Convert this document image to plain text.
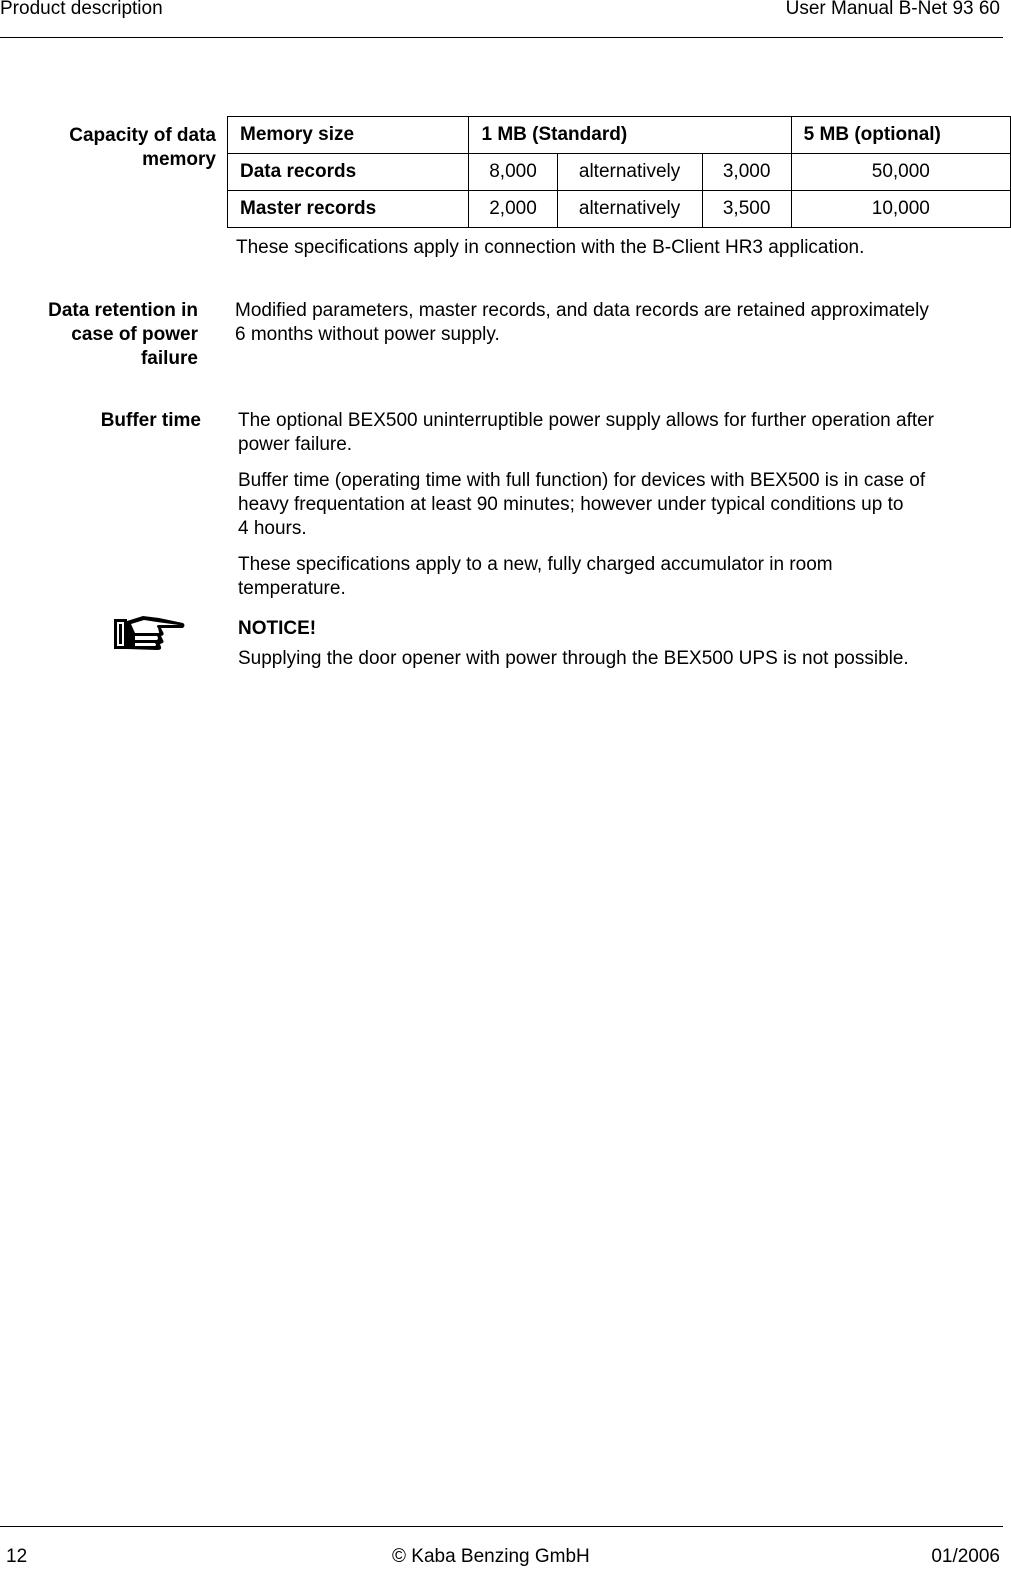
Product description	User Manual B-Net 93 60
Capacity of data
memory
Memory size	1 MB (Standard)			5 MB (optional)
Data records	8,000	alternatively	3,000	50,000
Master records	2,000	alternatively	3,500	10,000
These specifications apply in connection with the B-Client HR3 application.
Data retention in
case of power
failure
Modified parameters, master records, and data records are retained approximately
6 months without power supply.
Buffer time The optional BEX500 uninterruptible power supply allows for further operation after
power failure.
Buffer time (operating time with full function) for devices with BEX500 is in case of
heavy frequentation at least 90 minutes; however under typical conditions up to
4 hours.
These specifications apply to a new, fully charged accumulator in room
temperature.
NOTICE!
Supplying the door opener with power through the BEX500 UPS is not possible.
12	© Kaba Benzing GmbH	01/2006
